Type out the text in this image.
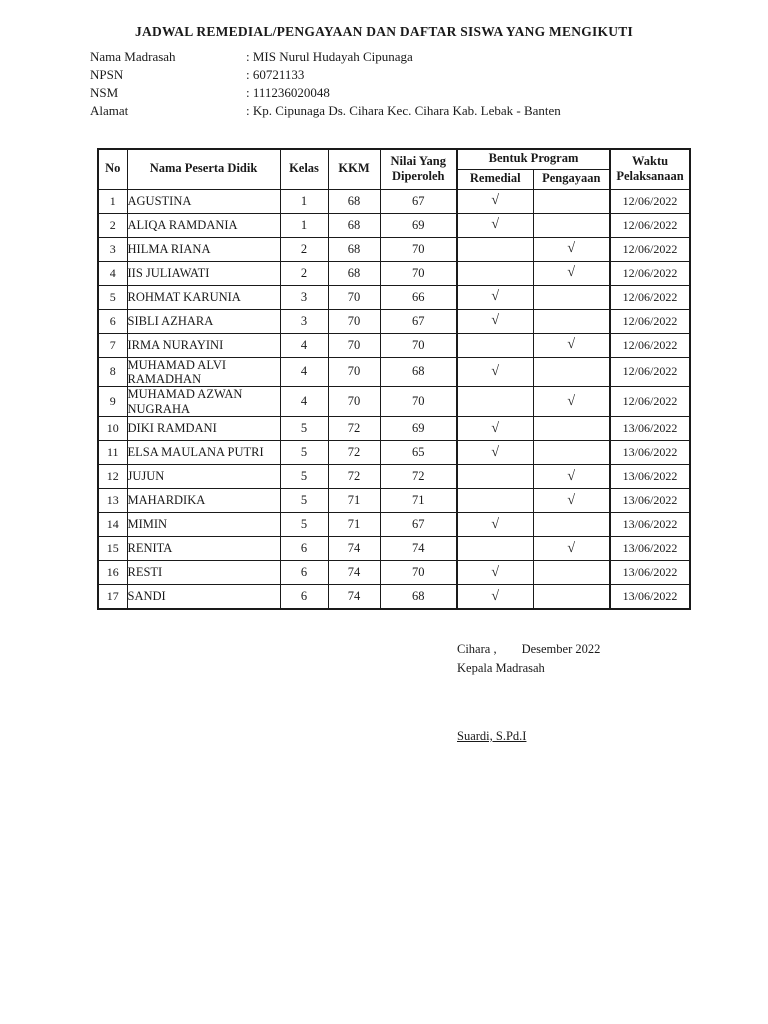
JADWAL REMEDIAL/PENGAYAAN DAN DAFTAR SISWA YANG MENGIKUTI
Nama Madrasah	: MIS Nurul Hudayah Cipunaga
NPSN	: 60721133
NSM	: 111236020048
Alamat	: Kp. Cipunaga Ds. Cihara Kec. Cihara Kab. Lebak - Banten
No	Nama Peserta Didik	Kelas	KKM	Nilai Yang Diperoleh	Bentuk Program		Waktu Pelaksanaan
					Remedial	Pengayaan	
1	AGUSTINA	1	68	67	√		12/06/2022
2	ALIQA RAMDANIA	1	68	69	√		12/06/2022
3	HILMA RIANA	2	68	70		√	12/06/2022
4	IIS JULIAWATI	2	68	70		√	12/06/2022
5	ROHMAT KARUNIA	3	70	66	√		12/06/2022
6	SIBLI AZHARA	3	70	67	√		12/06/2022
7	IRMA NURAYINI	4	70	70		√	12/06/2022
8	MUHAMAD ALVI RAMADHAN	4	70	68	√		12/06/2022
9	MUHAMAD AZWAN NUGRAHA	4	70	70		√	12/06/2022
10	DIKI RAMDANI	5	72	69	√		13/06/2022
11	ELSA MAULANA PUTRI	5	72	65	√		13/06/2022
12	JUJUN	5	72	72		√	13/06/2022
13	MAHARDIKA	5	71	71		√	13/06/2022
14	MIMIN	5	71	67	√		13/06/2022
15	RENITA	6	74	74		√	13/06/2022
16	RESTI	6	74	70	√		13/06/2022
17	SANDI	6	74	68	√		13/06/2022
Cihara ,        Desember 2022
Kepala Madrasah
Suardi, S.Pd.I
